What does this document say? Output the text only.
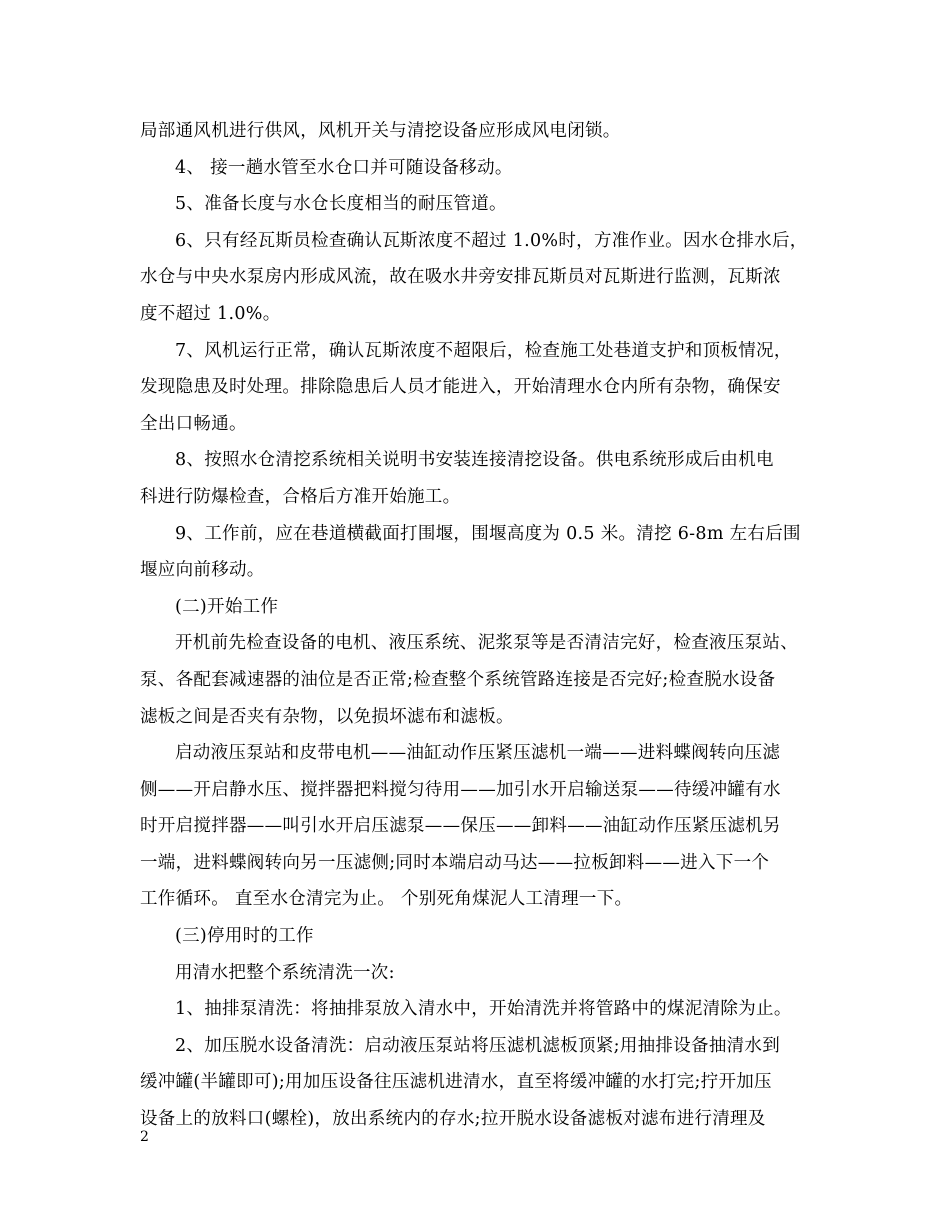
局部通风机进行供风，风机开关与清挖设备应形成风电闭锁。

4、 接一趟水管至水仓口并可随设备移动。

5、准备长度与水仓长度相当的耐压管道。

6、只有经瓦斯员检查确认瓦斯浓度不超过 1.0%时，方准作业。因水仓排水后，
水仓与中央水泵房内形成风流，故在吸水井旁安排瓦斯员对瓦斯进行监测，瓦斯浓
度不超过 1.0%。

7、风机运行正常，确认瓦斯浓度不超限后，检查施工处巷道支护和顶板情况，
发现隐患及时处理。排除隐患后人员才能进入，开始清理水仓内所有杂物，确保安
全出口畅通。

8、按照水仓清挖系统相关说明书安装连接清挖设备。供电系统形成后由机电
科进行防爆检查，合格后方准开始施工。

9、工作前，应在巷道横截面打围堰，围堰高度为 0.5 米。清挖 6-8m 左右后围
堰应向前移动。

(二)开始工作

开机前先检查设备的电机、液压系统、泥浆泵等是否清洁完好，检查液压泵站、
泵、各配套减速器的油位是否正常;检查整个系统管路连接是否完好;检查脱水设备
滤板之间是否夹有杂物，以免损坏滤布和滤板。

启动液压泵站和皮带电机——油缸动作压紧压滤机一端——进料蝶阀转向压滤
侧——开启静水压、搅拌器把料搅匀待用——加引水开启输送泵——待缓冲罐有水
时开启搅拌器——叫引水开启压滤泵——保压——卸料——油缸动作压紧压滤机另
一端，进料蝶阀转向另一压滤侧;同时本端启动马达——拉板卸料——进入下一个
工作循环。 直至水仓清完为止。 个别死角煤泥人工清理一下。

(三)停用时的工作

用清水把整个系统清洗一次:

1、抽排泵清洗：将抽排泵放入清水中，开始清洗并将管路中的煤泥清除为止。

2、加压脱水设备清洗：启动液压泵站将压滤机滤板顶紧;用抽排设备抽清水到
缓冲罐(半罐即可);用加压设备往压滤机进清水，直至将缓冲罐的水打完;拧开加压
设备上的放料口(螺栓)，放出系统内的存水;拉开脱水设备滤板对滤布进行清理及

2
